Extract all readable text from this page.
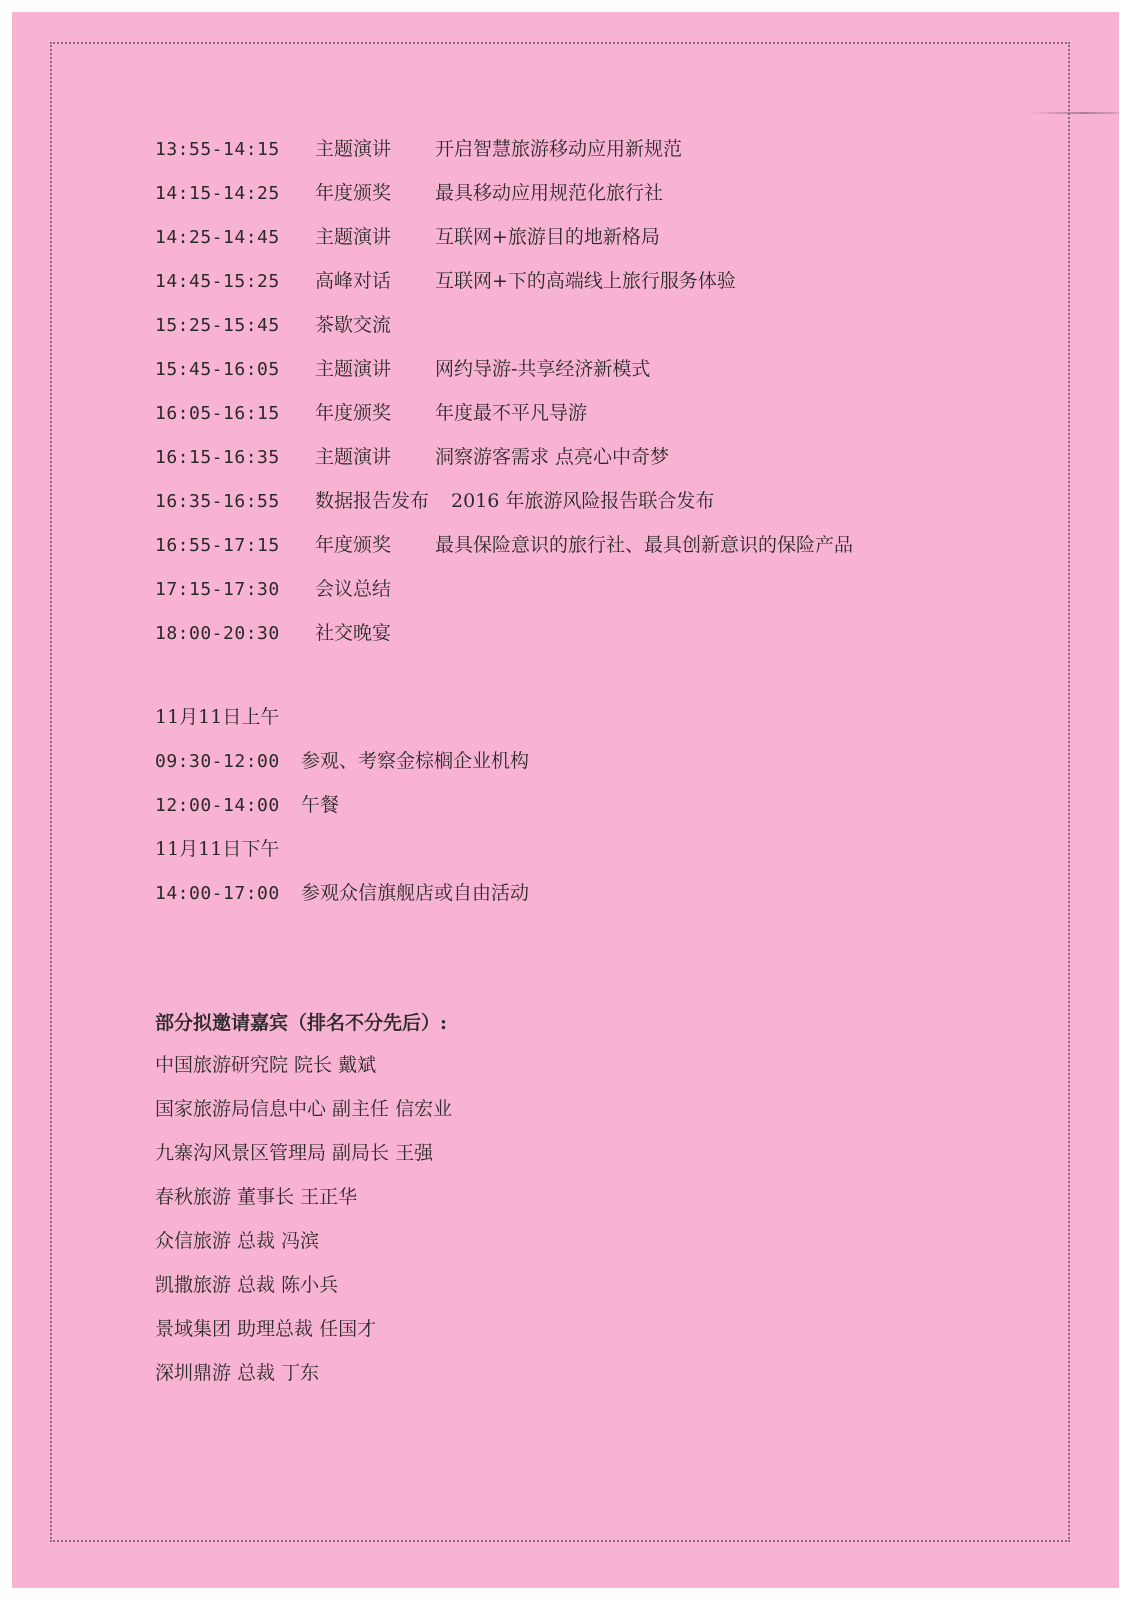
13:55-14:15 主题演讲 开启智慧旅游移动应用新规范
14:15-14:25 年度颁奖 最具移动应用规范化旅行社
14:25-14:45 主题演讲 互联网+旅游目的地新格局
14:45-15:25 高峰对话 互联网+下的高端线上旅行服务体验
15:25-15:45 茶歇交流
15:45-16:05 主题演讲 网约导游-共享经济新模式
16:05-16:15 年度颁奖 年度最不平凡导游
16:15-16:35 主题演讲 洞察游客需求 点亮心中奇梦
16:35-16:55 数据报告发布 2016 年旅游风险报告联合发布
16:55-17:15 年度颁奖 最具保险意识的旅行社、最具创新意识的保险产品
17:15-17:30 会议总结
18:00-20:30 社交晚宴
11月11日上午
09:30-12:00 参观、考察金棕榈企业机构
12:00-14:00 午餐
11月11日下午
14:00-17:00 参观众信旗舰店或自由活动
部分拟邀请嘉宾（排名不分先后）:
中国旅游研究院 院长 戴斌
国家旅游局信息中心 副主任 信宏业
九寨沟风景区管理局 副局长 王强
春秋旅游 董事长 王正华
众信旅游 总裁 冯滨
凯撒旅游 总裁 陈小兵
景域集团 助理总裁 任国才
深圳鼎游 总裁 丁东
